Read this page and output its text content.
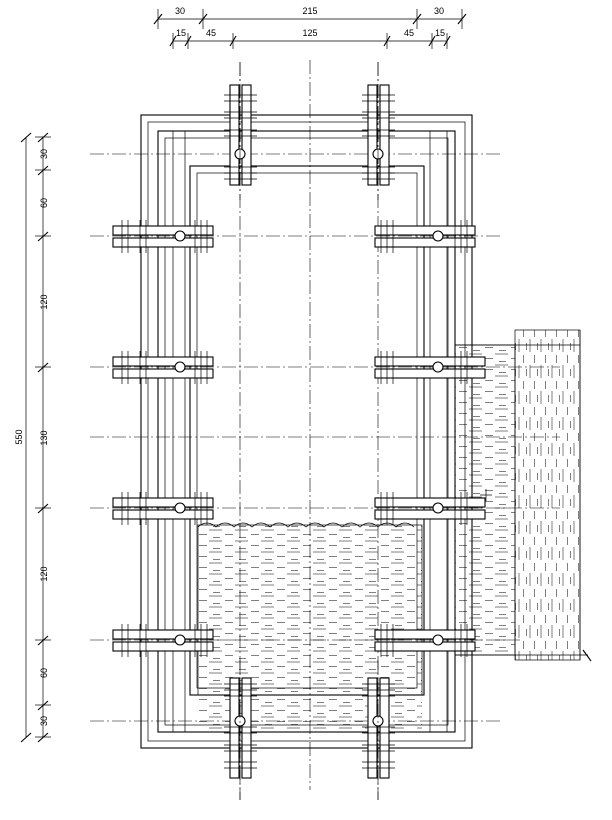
30	215	30
15 45	125	45 15
30
60
120
130
120
60
30
550
